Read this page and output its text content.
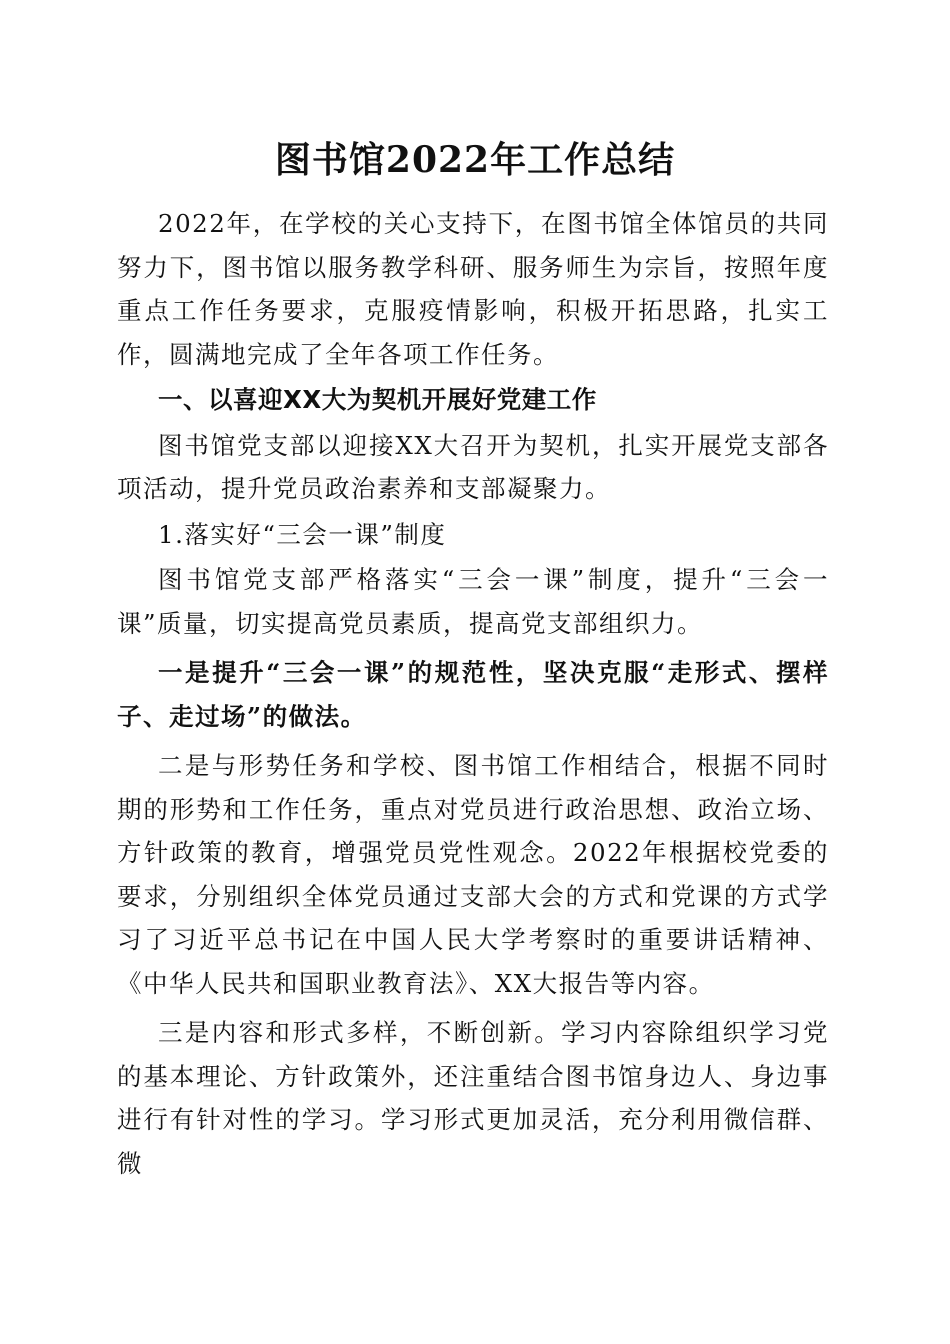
图书馆2022年工作总结

2022年，在学校的关心支持下，在图书馆全体馆员的共同努力下，图书馆以服务教学科研、服务师生为宗旨，按照年度重点工作任务要求，克服疫情影响，积极开拓思路，扎实工作，圆满地完成了全年各项工作任务。

一、以喜迎XX大为契机开展好党建工作

图书馆党支部以迎接XX大召开为契机，扎实开展党支部各项活动，提升党员政治素养和支部凝聚力。

1.落实好“三会一课”制度

图书馆党支部严格落实“三会一课”制度，提升“三会一课”质量，切实提高党员素质，提高党支部组织力。

一是提升“三会一课”的规范性，坚决克服“走形式、摆样子、走过场”的做法。

二是与形势任务和学校、图书馆工作相结合，根据不同时期的形势和工作任务，重点对党员进行政治思想、政治立场、方针政策的教育，增强党员党性观念。2022年根据校党委的要求，分别组织全体党员通过支部大会的方式和党课的方式学习了习近平总书记在中国人民大学考察时的重要讲话精神、《中华人民共和国职业教育法》、XX大报告等内容。

三是内容和形式多样，不断创新。学习内容除组织学习党的基本理论、方针政策外，还注重结合图书馆身边人、身边事进行有针对性的学习。学习形式更加灵活，充分利用微信群、微
